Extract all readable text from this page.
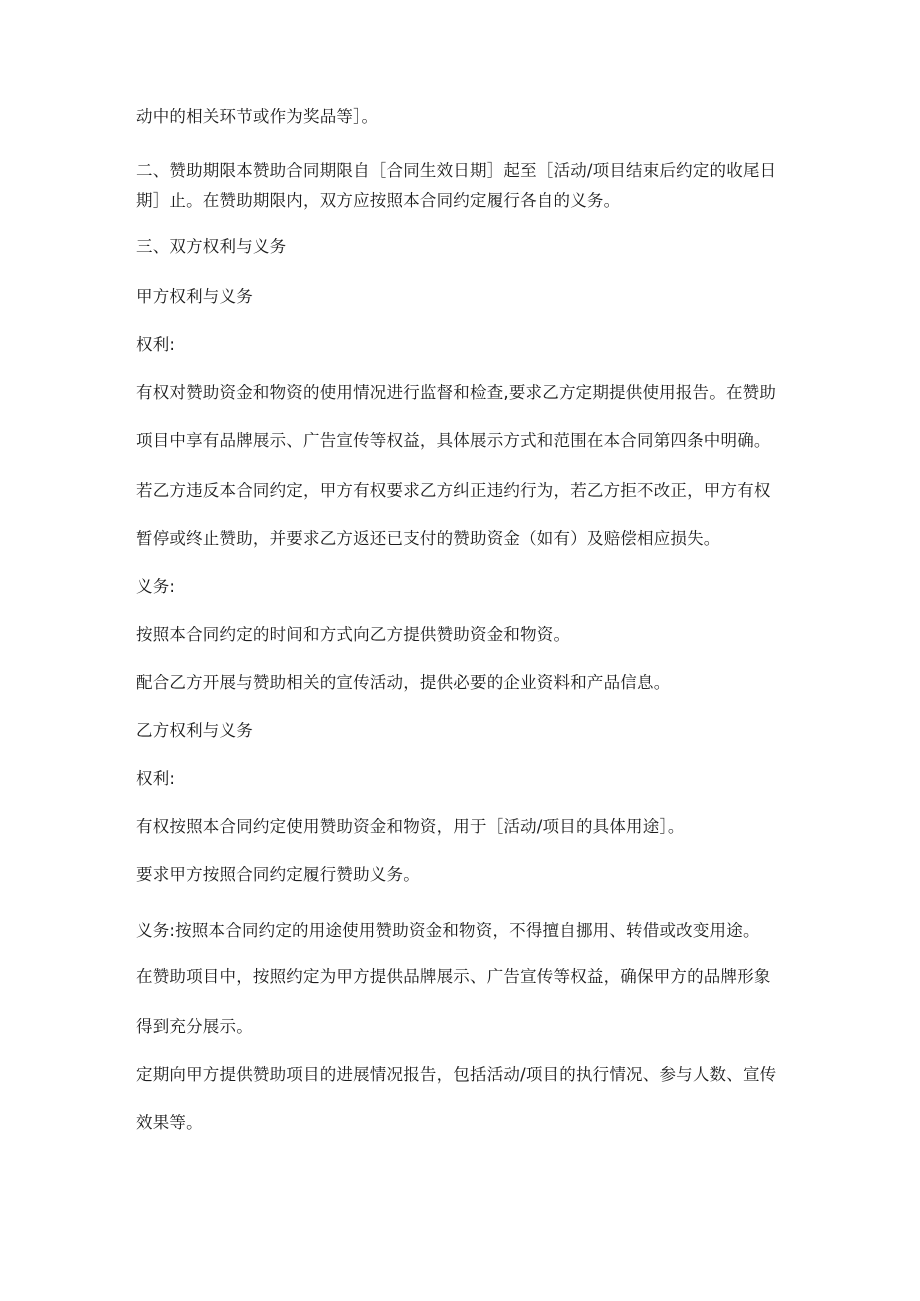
动中的相关环节或作为奖品等］。
二、赞助期限本赞助合同期限自［合同生效日期］起至［活动/项目结束后约定的收尾日
期］止。在赞助期限内，双方应按照本合同约定履行各自的义务。
三、双方权利与义务
甲方权利与义务
权利:
有权对赞助资金和物资的使用情况进行监督和检查,要求乙方定期提供使用报告。在赞助
项目中享有品牌展示、广告宣传等权益，具体展示方式和范围在本合同第四条中明确。
若乙方违反本合同约定，甲方有权要求乙方纠正违约行为，若乙方拒不改正，甲方有权
暂停或终止赞助，并要求乙方返还已支付的赞助资金（如有）及赔偿相应损失。
义务:
按照本合同约定的时间和方式向乙方提供赞助资金和物资。
配合乙方开展与赞助相关的宣传活动，提供必要的企业资料和产品信息。
乙方权利与义务
权利:
有权按照本合同约定使用赞助资金和物资，用于［活动/项目的具体用途］。
要求甲方按照合同约定履行赞助义务。
义务:按照本合同约定的用途使用赞助资金和物资，不得擅自挪用、转借或改变用途。
在赞助项目中，按照约定为甲方提供品牌展示、广告宣传等权益，确保甲方的品牌形象
得到充分展示。
定期向甲方提供赞助项目的进展情况报告，包括活动/项目的执行情况、参与人数、宣传
效果等。
